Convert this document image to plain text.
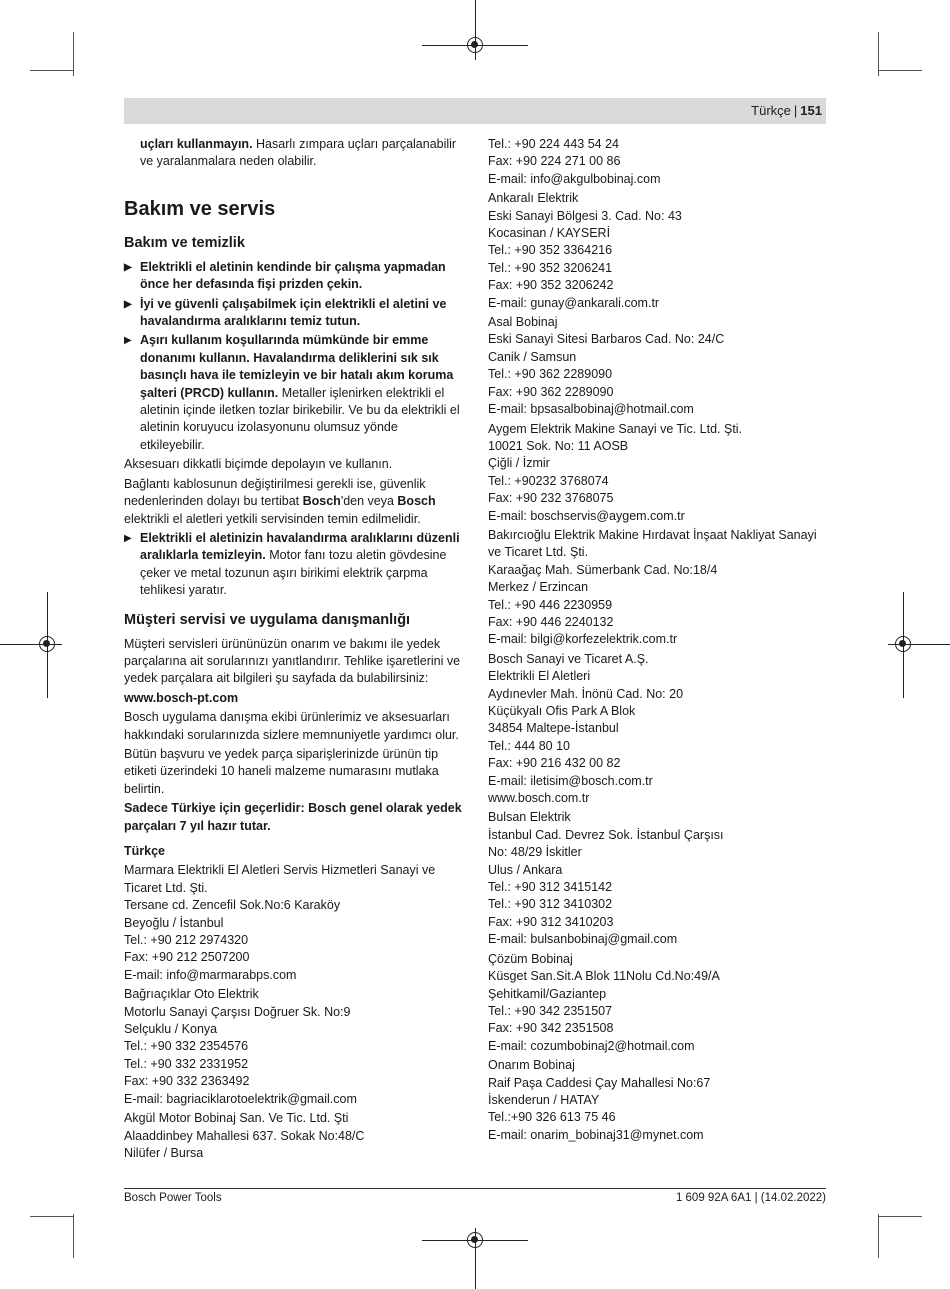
Türkçe | 151

uçları kullanmayın. Hasarlı zımpara uçları parçalanabilir ve yaralanmalara neden olabilir.

Bakım ve servis
Bakım ve temizlik

▶ Elektrikli el aletinin kendinde bir çalışma yapmadan önce her defasında fişi prizden çekin.

▶ İyi ve güvenli çalışabilmek için elektrikli el aletini ve havalandırma aralıklarını temiz tutun.

▶ Aşırı kullanım koşullarında mümkünde bir emme donanımı kullanın. Havalandırma deliklerini sık sık basınçlı hava ile temizleyin ve bir hatalı akım koruma şalteri (PRCD) kullanın. Metaller işlenirken elektrikli el aletinin içinde iletken tozlar birikebilir. Ve bu da elektrikli el aletinin koruyucu izolasyonunu olumsuz yönde etkileyebilir.

Aksesuarı dikkatli biçimde depolayın ve kullanın.

Bağlantı kablosunun değiştirilmesi gerekli ise, güvenlik nedenlerinden dolayı bu tertibat Bosch'den veya Bosch elektrikli el aletleri yetkili servisinden temin edilmelidir.

▶ Elektrikli el aletinizin havalandırma aralıklarını düzenli aralıklarla temizleyin. Motor fanı tozu aletin gövdesine çeker ve metal tozunun aşırı birikimi elektrik çarpma tehlikesi yaratır.

Müşteri servisi ve uygulama danışmanlığı

Müşteri servisleri ürününüzün onarım ve bakımı ile yedek parçalarına ait sorularınızı yanıtlandırır. Tehlike işaretlerini ve yedek parçalara ait bilgileri şu sayfada da bulabilirsiniz:

www.bosch-pt.com

Bosch uygulama danışma ekibi ürünlerimiz ve aksesuarları hakkındaki sorularınızda sizlere memnuniyetle yardımcı olur.

Bütün başvuru ve yedek parça siparişlerinizde ürünün tip etiketi üzerindeki 10 haneli malzeme numarasını mutlaka belirtin.

Sadece Türkiye için geçerlidir: Bosch genel olarak yedek parçaları 7 yıl hazır tutar.

Türkçe

Marmara Elektrikli El Aletleri Servis Hizmetleri Sanayi ve Ticaret Ltd. Şti.
Tersane cd. Zencefil Sok.No:6 Karaköy
Beyoğlu / İstanbul
Tel.: +90 212 2974320
Fax: +90 212 2507200
E-mail: info@marmarabps.com
Bağrıaçıklar Oto Elektrik
Motorlu Sanayi Çarşısı Doğruer Sk. No:9
Selçuklu / Konya
Tel.: +90 332 2354576
Tel.: +90 332 2331952
Fax: +90 332 2363492
E-mail: bagriaciklarotoelektrik@gmail.com
Akgül Motor Bobinaj San. Ve Tic. Ltd. Şti
Alaaddinbey Mahallesi 637. Sokak No:48/C
Nilüfer / Bursa
Tel.: +90 224 443 54 24
Fax: +90 224 271 00 86
E-mail: info@akgulbobinaj.com
Ankaralı Elektrik
Eski Sanayi Bölgesi 3. Cad. No: 43
Kocasinan / KAYSERİ
Tel.: +90 352 3364216
Tel.: +90 352 3206241
Fax: +90 352 3206242
E-mail: gunay@ankarali.com.tr
Asal Bobinaj
Eski Sanayi Sitesi Barbaros Cad. No: 24/C
Canik / Samsun
Tel.: +90 362 2289090
Fax: +90 362 2289090
E-mail: bpsasalbobinaj@hotmail.com
Aygem Elektrik Makine Sanayi ve Tic. Ltd. Şti.
10021 Sok. No: 11 AOSB
Çiğli / İzmir
Tel.: +90232 3768074
Fax: +90 232 3768075
E-mail: boschservis@aygem.com.tr
Bakırcıoğlu Elektrik Makine Hırdavat İnşaat Nakliyat Sanayi ve Ticaret Ltd. Şti.
Karaağaç Mah. Sümerbank Cad. No:18/4
Merkez / Erzincan
Tel.: +90 446 2230959
Fax: +90 446 2240132
E-mail: bilgi@korfezelektrik.com.tr
Bosch Sanayi ve Ticaret A.Ş.
Elektrikli El Aletleri
Aydınevler Mah. İnönü Cad. No: 20
Küçükyalı Ofis Park A Blok
34854 Maltepe-İstanbul
Tel.: 444 80 10
Fax: +90 216 432 00 82
E-mail: iletisim@bosch.com.tr
www.bosch.com.tr
Bulsan Elektrik
İstanbul Cad. Devrez Sok. İstanbul Çarşısı
No: 48/29 İskitler
Ulus / Ankara
Tel.: +90 312 3415142
Tel.: +90 312 3410302
Fax: +90 312 3410203
E-mail: bulsanbobinaj@gmail.com
Çözüm Bobinaj
Küsget San.Sit.A Blok 11Nolu Cd.No:49/A
Şehitkamil/Gaziantep
Tel.: +90 342 2351507
Fax: +90 342 2351508
E-mail: cozumbobinaj2@hotmail.com
Onarım Bobinaj
Raif Paşa Caddesi Çay Mahallesi No:67
İskenderun / HATAY
Tel.:+90 326 613 75 46
E-mail: onarim_bobinaj31@mynet.com
Bosch Power Tools	1 609 92A 6A1 | (14.02.2022)
